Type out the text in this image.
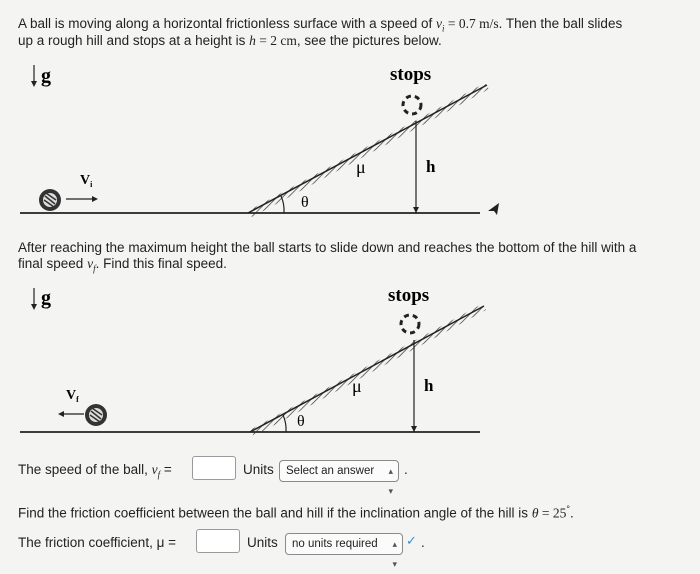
A ball is moving along a horizontal frictionless surface with a speed of $v_i = 0.7$ m/s. Then the ball slides
up a rough hill and stops at a height is h = 2 cm, see the pictures below.
g	stops
h
θ
μ
$V_i$
After reaching the maximum height the ball starts to slide down and reaches the bottom of the hill with a
final speed $v_f$. Find this final speed.
g	stops
h
θ
μ
$V_f$
The speed of the ball, $v_f$ =	Units	Select an answer ▴
▾
.
Find the friction coefficient between the ball and hill if the inclination angle of the hill is θ = 25°.
The friction coefficient, μ =	Units	no units required ▴
▾
✓ .
